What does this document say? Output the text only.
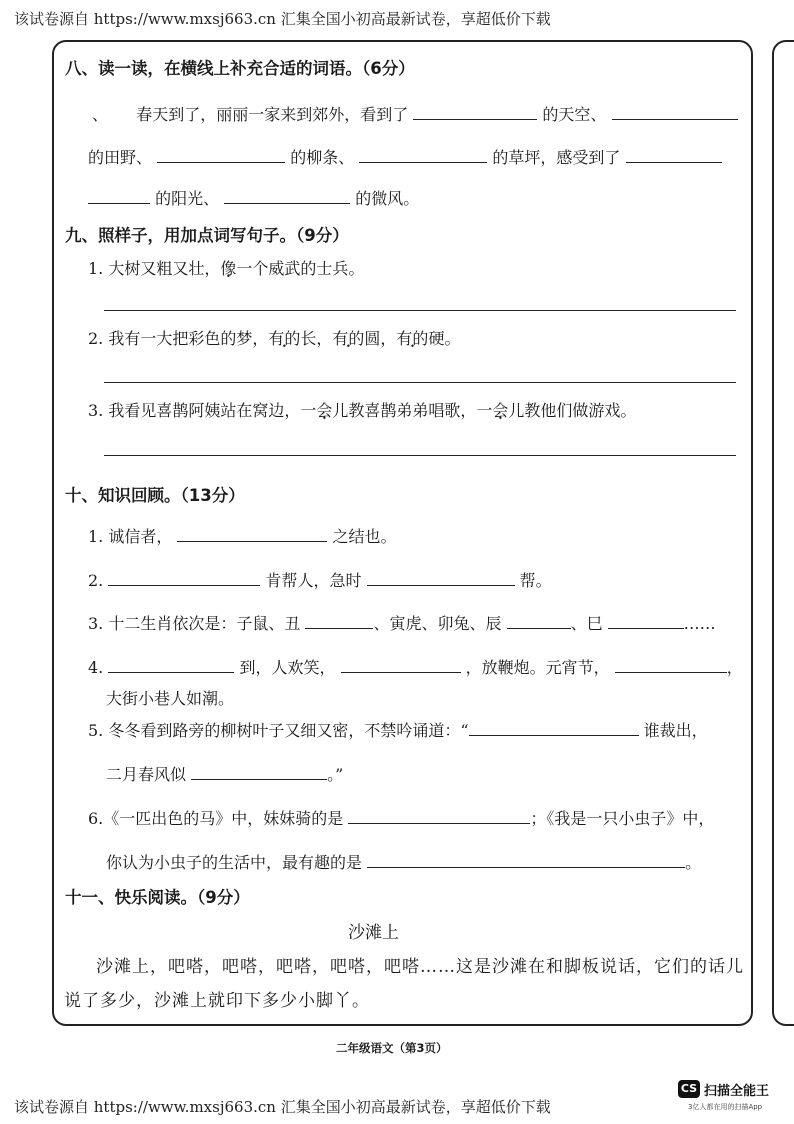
该试卷源自 https://www.mxsj663.cn 汇集全国小初高最新试卷，享超低价下载
八、读一读，在横线上补充合适的词语。（6分）
、 春天到了，丽丽一家来到郊外，看到了	的天空、
的田野、	的柳条、	的草坪，感受到了
的阳光、	的微风。
九、照样子，用加点词写句子。（9分）
1. 大树又粗又壮，像一个威武的士兵。
2. 我有一大把彩色的梦，有的长，有的圆，有的硬。
3. 我看见喜鹊阿姨站在窝边，一会儿教喜鹊弟弟唱歌，一会儿教他们做游戏。
十、知识回顾。（13分）
1. 诚信者，	之结也。
2.	肯帮人，急时	帮。
3. 十二生肖依次是：子鼠、丑	、寅虎、卯兔、辰	、巳	……
4.	到，人欢笑，	，放鞭炮。元宵节，	，
大街小巷人如潮。
5. 冬冬看到路旁的柳树叶子又细又密，不禁吟诵道：“	谁裁出，
二月春风似	。”
6.《一匹出色的马》中，妹妹骑的是	；《我是一只小虫子》中，
你认为小虫子的生活中，最有趣的是	。
十一、快乐阅读。（9分）
沙滩上
沙滩上，吧嗒，吧嗒，吧嗒，吧嗒，吧嗒……这是沙滩在和脚板说话，它们的话儿
说了多少，沙滩上就印下多少小脚丫。
二年级语文（第3页）
该试卷源自 https://www.mxsj663.cn 汇集全国小初高最新试卷，享超低价下载
CS 扫描全能王
3亿人都在用的扫描App
